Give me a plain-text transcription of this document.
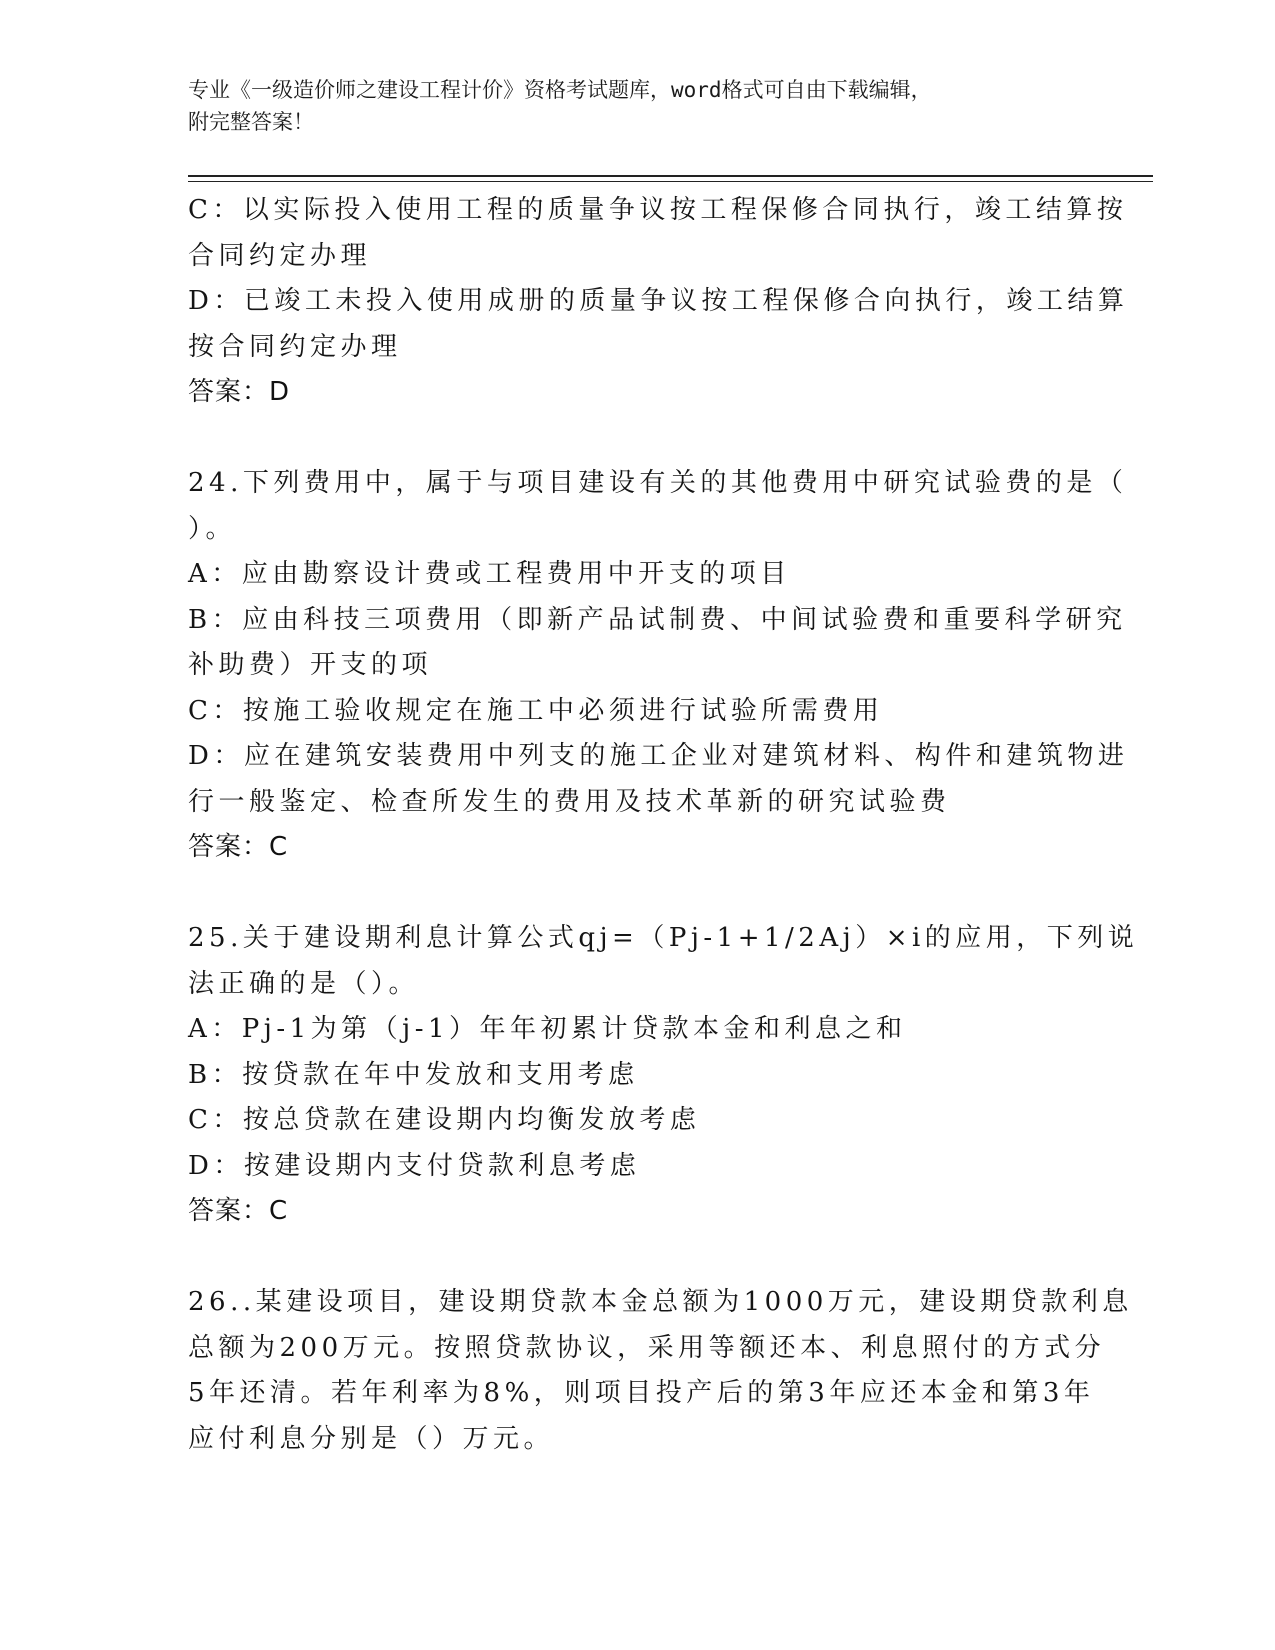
专业《一级造价师之建设工程计价》资格考试题库，word格式可自由下载编辑，
附完整答案！
C：以实际投入使用工程的质量争议按工程保修合同执行，竣工结算按
合同约定办理
D：已竣工未投入使用成册的质量争议按工程保修合向执行，竣工结算
按合同约定办理
答案：D
24.下列费用中，属于与项目建设有关的其他费用中研究试验费的是（
）。
A：应由勘察设计费或工程费用中开支的项目
B：应由科技三项费用（即新产品试制费、中间试验费和重要科学研究
补助费）开支的项
C：按施工验收规定在施工中必须进行试验所需费用
D：应在建筑安装费用中列支的施工企业对建筑材料、构件和建筑物进
行一般鉴定、检查所发生的费用及技术革新的研究试验费
答案：C
25.关于建设期利息计算公式qj=（Pj-1+1/2Aj）×i的应用，下列说
法正确的是（）。
A：Pj-1为第（j-1）年年初累计贷款本金和利息之和
B：按贷款在年中发放和支用考虑
C：按总贷款在建设期内均衡发放考虑
D：按建设期内支付贷款利息考虑
答案：C
26..某建设项目，建设期贷款本金总额为1000万元，建设期贷款利息
总额为200万元。按照贷款协议，采用等额还本、利息照付的方式分
5年还清。若年利率为8%，则项目投产后的第3年应还本金和第3年
应付利息分别是（）万元。
